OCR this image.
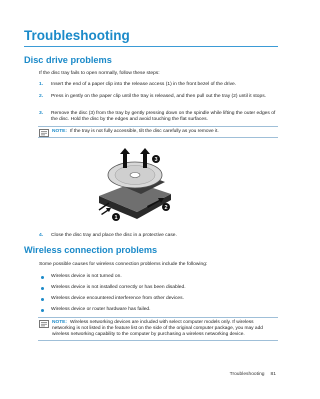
Troubleshooting
Disc drive problems

If the disc tray fails to open normally, follow these steps:

1. Insert the end of a paper clip into the release access (1) in the front bezel of the drive.
2. Press in gently on the paper clip until the tray is released, and then pull out the tray (2) until it stops.
3. Remove the disc (3) from the tray by gently pressing down on the spindle while lifting the outer edges of the disc. Hold the disc by the edges and avoid touching the flat surfaces.
NOTE: If the tray is not fully accessible, tilt the disc carefully as you remove it.
3
2
1
4. Close the disc tray and place the disc in a protective case.
Wireless connection problems

Some possible causes for wireless connection problems include the following:

Wireless device is not turned on.
Wireless device is not installed correctly or has been disabled.
Wireless device encountered interference from other devices.
Wireless device or router hardware has failed.
NOTE: Wireless networking devices are included with select computer models only. If wireless networking is not listed in the feature list on the side of the original computer package, you may add wireless networking capability to the computer by purchasing a wireless networking device.
Troubleshooting 81
